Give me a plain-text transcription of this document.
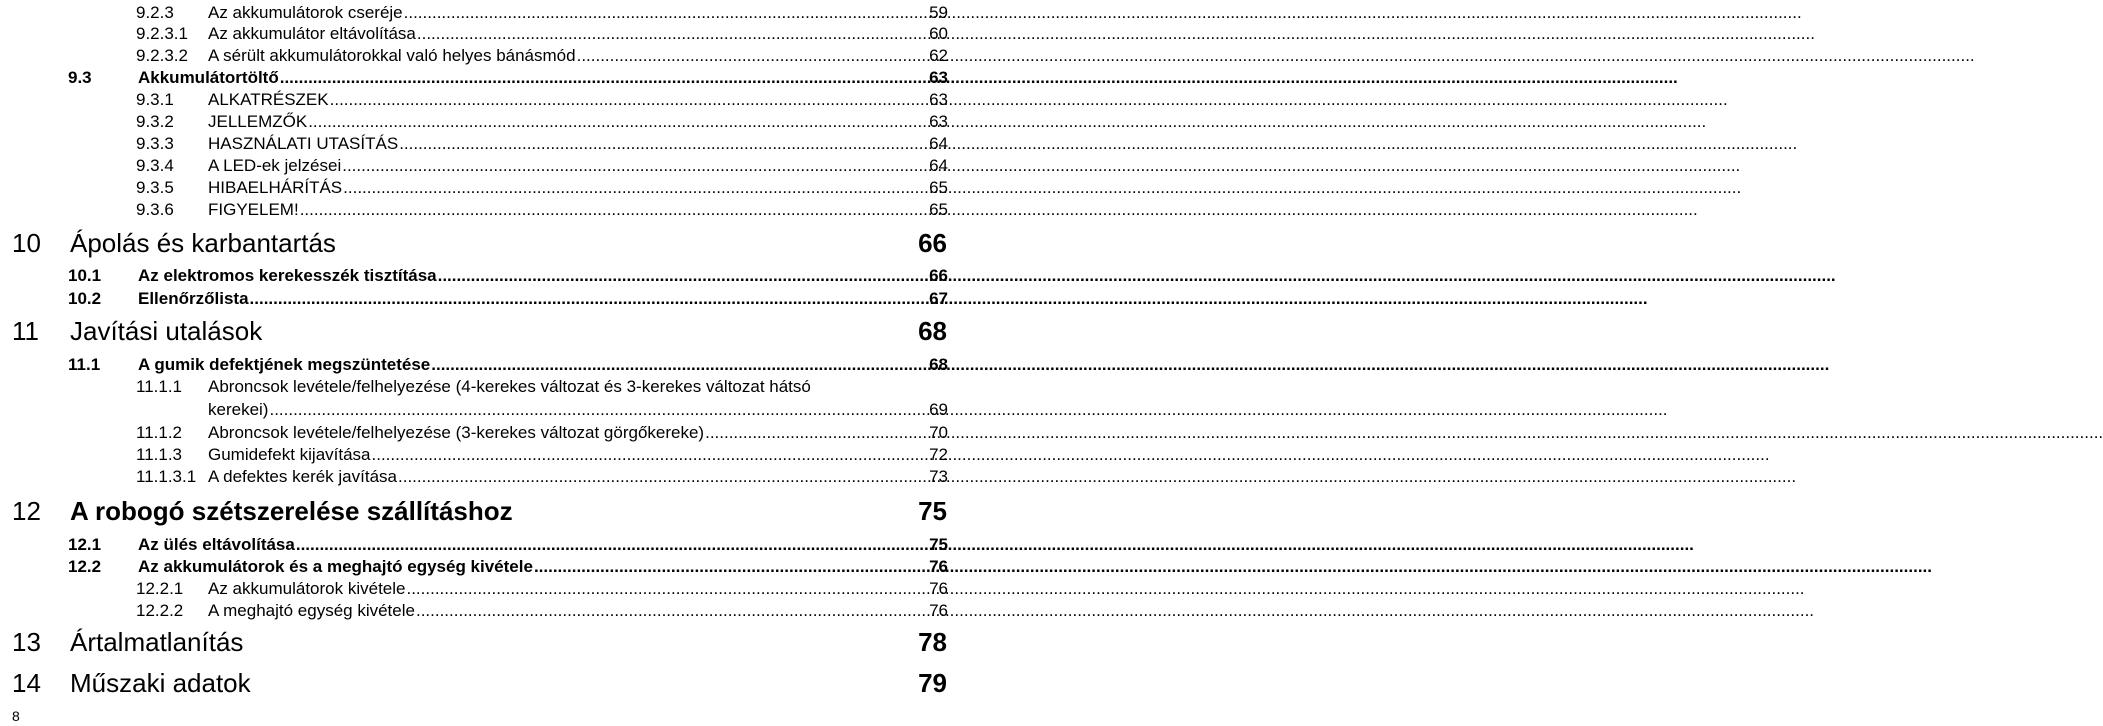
9.2.3	Az akkumulátorok cseréje .....	59
9.2.3.1	Az akkumulátor eltávolítása .....	60
9.2.3.2	A sérült akkumulátorokkal való helyes bánásmód .....	62
9.3	Akkumulátortöltő .....	63
9.3.1	ALKATRÉSZEK .....	63
9.3.2	JELLEMZŐK .....	63
9.3.3	HASZNÁLATI UTASÍTÁS .....	64
9.3.4	A LED-ek jelzései .....	64
9.3.5	HIBAELHÁRÍTÁS .....	65
9.3.6	FIGYELEM! .....	65
10	Ápolás és karbantartás	66
10.1	Az elektromos kerekesszék tisztítása .....	66
10.2	Ellenőrzőlista .....	67
11	Javítási utalások	68
11.1	A gumik defektjének megszüntetése .....	68
11.1.1	Abroncsok levétele/felhelyezése (4-kerekes változat és 3-kerekes változat hátsó
kerekei) .....	69
11.1.2	Abroncsok levétele/felhelyezése (3-kerekes változat görgőkereke) .....	70
11.1.3	Gumidefekt kijavítása .....	72
11.1.3.1 A defektes kerék javítása .....	73
12	A robogó szétszerelése szállításhoz	75
12.1	Az ülés eltávolítása .....	75
12.2	Az akkumulátorok és a meghajtó egység kivétele .....	76
12.2.1	Az akkumulátorok kivétele .....	76
12.2.2	A meghajtó egység kivétele .....	76
13	Ártalmatlanítás	78
14	Műszaki adatok	79
8
